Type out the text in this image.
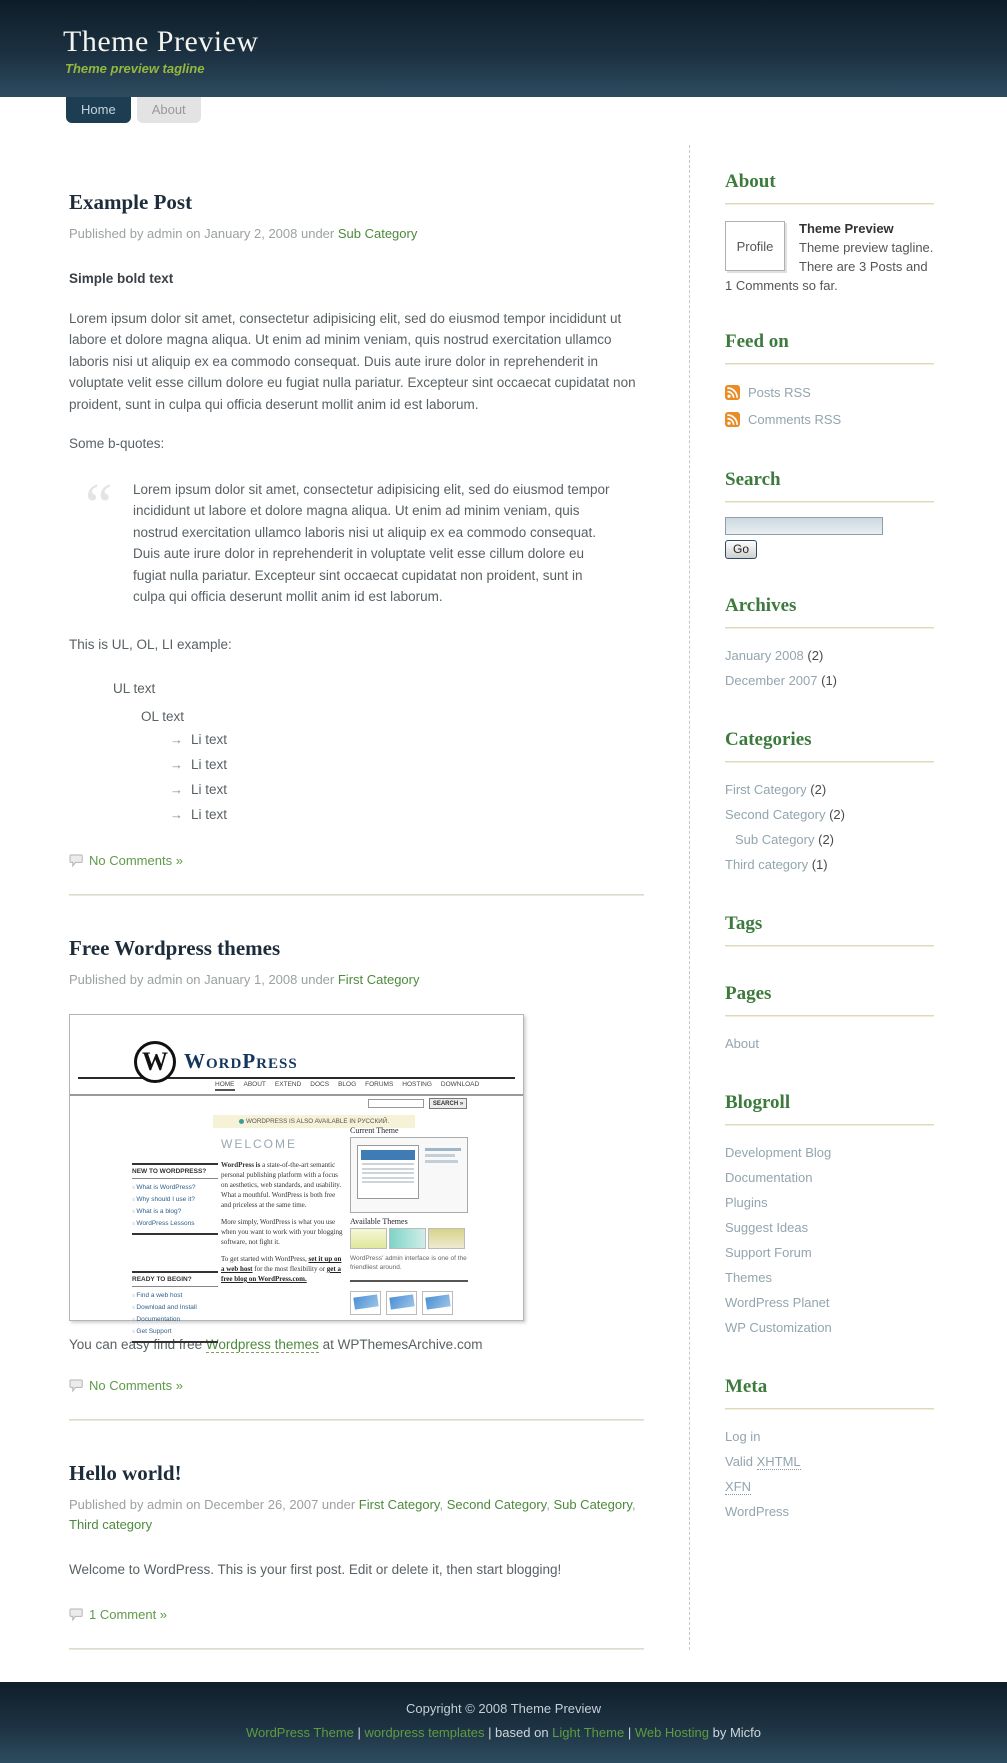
Theme Preview
Theme preview tagline
Home	About
Example Post
Published by admin on January 2, 2008 under Sub Category

Simple bold text

Lorem ipsum dolor sit amet, consectetur adipisicing elit, sed do eiusmod tempor incididunt ut labore et dolore magna aliqua. Ut enim ad minim veniam, quis nostrud exercitation ullamco laboris nisi ut aliquip ex ea commodo consequat. Duis aute irure dolor in reprehenderit in voluptate velit esse cillum dolore eu fugiat nulla pariatur. Excepteur sint occaecat cupidatat non proident, sunt in culpa qui officia deserunt mollit anim id est laborum.

Some b-quotes:

“ Lorem ipsum dolor sit amet, consectetur adipisicing elit, sed do eiusmod tempor incididunt ut labore et dolore magna aliqua. Ut enim ad minim veniam, quis nostrud exercitation ullamco laboris nisi ut aliquip ex ea commodo consequat. Duis aute irure dolor in reprehenderit in voluptate velit esse cillum dolore eu fugiat nulla pariatur. Excepteur sint occaecat cupidatat non proident, sunt in culpa qui officia deserunt mollit anim id est laborum.

This is UL, OL, LI example:

UL text
OL text
→ Li text
→ Li text
→ Li text
→ Li text
No Comments »
Free Wordpress themes
Published by admin on January 1, 2008 under First Category
W WordPress
HOME ABOUT EXTEND DOCS BLOG FORUMS HOSTING DOWNLOAD
SEARCH »
WORDPRESS IS ALSO AVAILABLE IN РУССКИЙ.
WELCOME
NEW TO WORDPRESS?
○ What is WordPress?
○ Why should I use it?
○ What is a blog?
○ WordPress Lessons
READY TO BEGIN?
○ Find a web host
○ Download and Install
○ Documentation
○ Get Support

WordPress is a state-of-the-art semantic personal publishing platform with a focus on aesthetics, web standards, and usability. What a mouthful. WordPress is both free and priceless at the same time.

More simply, WordPress is what you use when you want to work with your blogging software, not fight it.

To get started with WordPress, set it up on a web host for the most flexibility or get a free blog on WordPress.com.

Current Theme
Available Themes
WordPress' admin interface is one of the friendliest around.

You can easy find free Wordpress themes at WPThemesArchive.com

No Comments »
Hello world!
Published by admin on December 26, 2007 under First Category, Second Category, Sub Category, Third category

Welcome to WordPress. This is your first post. Edit or delete it, then start blogging!

1 Comment »
About
Profile
Theme Preview
Theme preview tagline.
There are 3 Posts and 1 Comments so far.
Feed on
Posts RSS
Comments RSS
Search
Go
Archives
January 2008 (2)
December 2007 (1)
Categories
First Category (2)
Second Category (2)
Sub Category (2)
Third category (1)
Tags
Pages
About
Blogroll
Development Blog
Documentation
Plugins
Suggest Ideas
Support Forum
Themes
WordPress Planet
WP Customization
Meta
Log in
Valid XHTML
XFN
WordPress
Copyright © 2008 Theme Preview
WordPress Theme | wordpress templates | based on Light Theme | Web Hosting by Micfo
